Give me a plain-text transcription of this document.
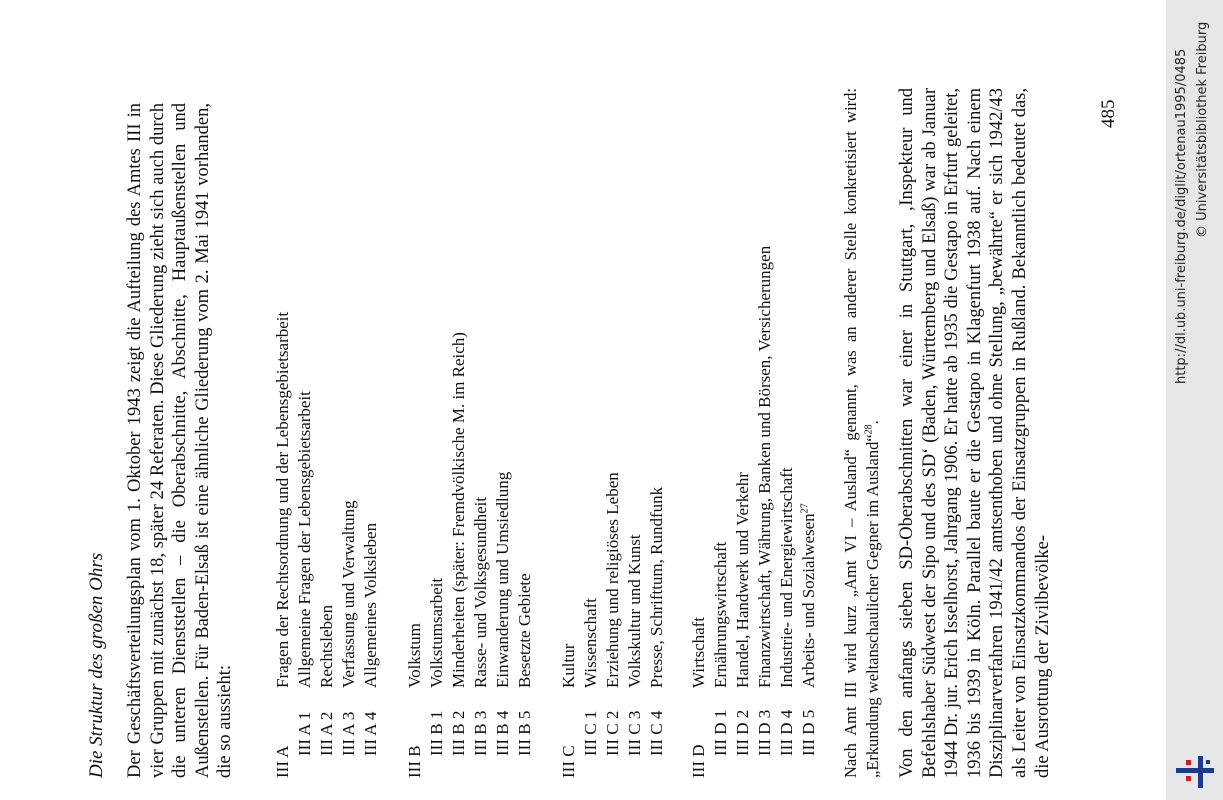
Die Struktur des großen Ohrs Der Geschäftsverteilungsplan vom 1. Oktober 1943 zeigt die Aufteilung des Amtes III in vier Gruppen mit zunächst 18, später 24 Referaten. Diese Gliederung zieht sich auch durch die unteren Dienststellen – die Oberabschnitte, Abschnitte, Hauptaußenstellen und Außenstellen. Für Baden-Elsaß ist eine ähnliche Gliederung vom 2. Mai 1941 vorhanden, die so aussieht: III A
Fragen der Rechtsordnung und der Lebensgebietsarbeit
III A 1
Allgemeine Fragen der Lebensgebietsarbeit
III A 2
Rechtsleben
III A 3
Verfassung und Verwaltung
III A 4
Allgemeines Volksleben
III B
Volkstum
III B 1
Volkstumsarbeit
III B 2
Minderheiten (später: Fremdvölkische M. im Reich)
III B 3
Rasse- und Volksgesundheit
III B 4
Einwanderung und Umsiedlung
III B 5
Besetzte Gebiete
III C
Kultur
III C 1
Wissenschaft
III C 2
Erziehung und religiöses Leben
III C 3
Volkskultur und Kunst
III C 4
Presse, Schrifttum, Rundfunk
III D
Wirtschaft
III D 1
Ernährungswirtschaft
III D 2
Handel, Handwerk und Verkehr
III D 3
Finanzwirtschaft, Währung, Banken und Börsen, Versicherungen
III D 4
Industrie- und Energiewirtschaft
III D 5
Arbeits- und Sozialwesen$^{27}$	Nach Amt III wird kurz „Amt VI – Ausland“ genannt, was an anderer Stelle konkretisiert wird: „Erkundung weltanschaulicher Gegner im Ausland“$^{28}$. Von den anfangs sieben SD-Oberabschnitten war einer in Stuttgart, ‚Inspekteur und Befehlshaber Südwest der Sipo und des SD‘ (Baden, Württemberg und Elsaß) war ab Januar 1944 Dr. jur. Erich Isselhorst, Jahrgang 1906. Er hatte ab 1935 die Gestapo in Erfurt geleitet, 1936 bis 1939 in Köln. Parallel baute er die Gestapo in Klagenfurt 1938 auf. Nach einem Disziplinarverfahren 1941/42 amtsenthoben und ohne Stellung, „bewährte“ er sich 1942/43 als Leiter von Einsatzkommandos der Einsatzgruppen in Rußland. Bekanntlich bedeutet das, die Ausrottung der Zivilbevölke-
485	http://dl.ub.uni-freiburg.de/diglit/ortenau1995/0485 © Universitätsbibliothek Freiburg
